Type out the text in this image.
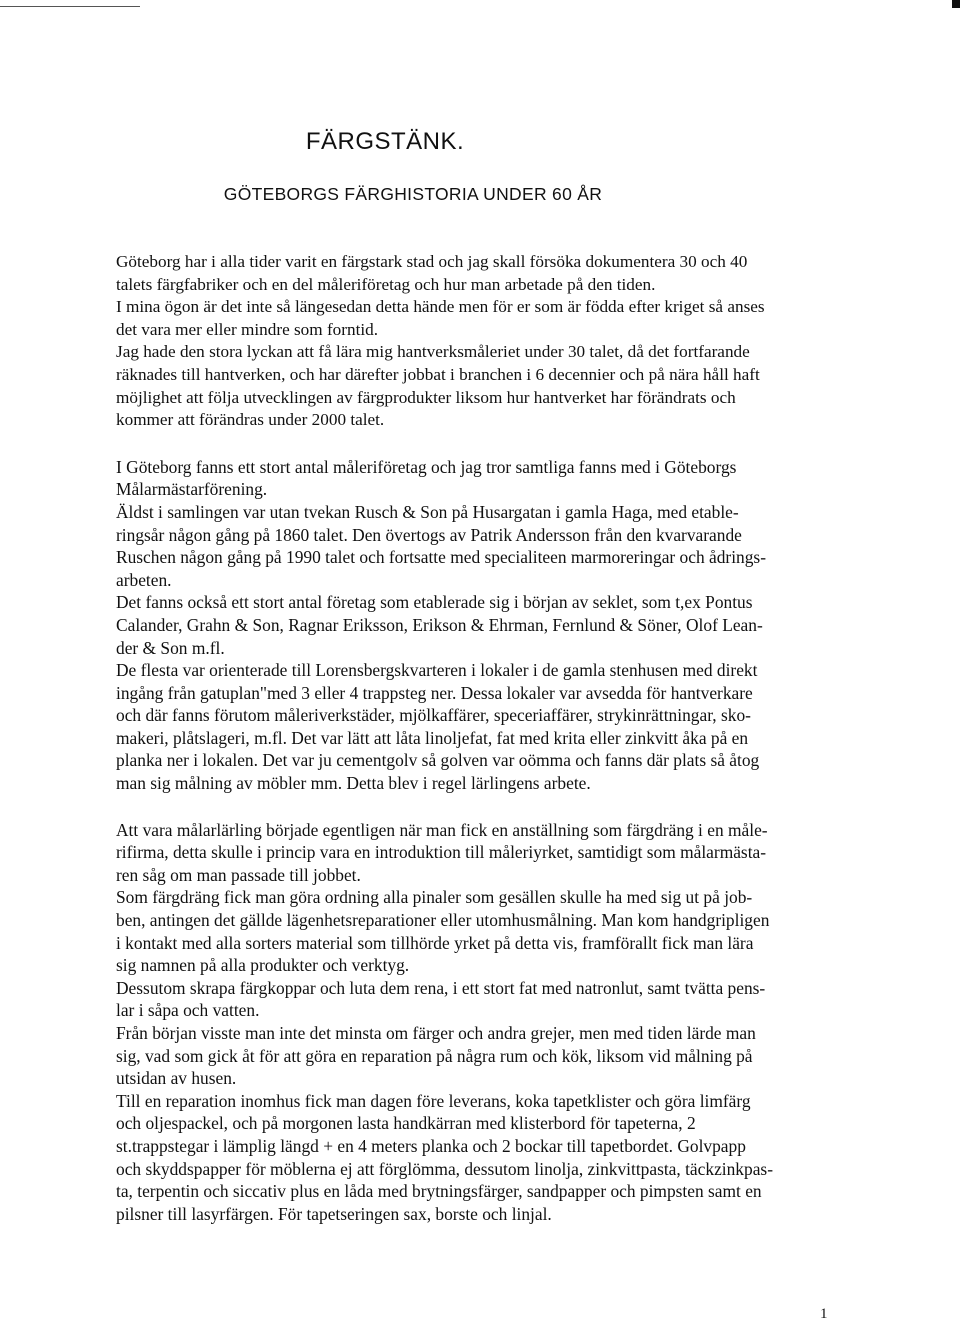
FÄRGSTÄNK.
GÖTEBORGS FÄRGHISTORIA UNDER 60 ÅR
Göteborg har i alla tider varit en färgstark stad och jag skall försöka dokumentera 30 och 40
talets färgfabriker och en del måleriföretag och hur man arbetade på den tiden.
I mina ögon är det inte så längesedan detta hände men för er som är födda efter kriget så anses
det vara mer eller mindre som forntid.
Jag hade den stora lyckan att få lära mig hantverksmåleriet under 30 talet, då det fortfarande
räknades till hantverken, och har därefter jobbat i branchen i 6 decennier och på nära håll haft
möjlighet att följa utvecklingen av färgprodukter liksom hur hantverket har förändrats och
kommer att förändras under 2000 talet.
I Göteborg fanns ett stort antal måleriföretag och jag tror samtliga fanns med i Göteborgs
Målarmästarförening.
Äldst i samlingen var utan tvekan Rusch & Son på Husargatan i gamla Haga, med etable-
ringsår någon gång på 1860 talet. Den övertogs av Patrik Andersson från den kvarvarande
Ruschen någon gång på 1990 talet och fortsatte med specialiteen marmoreringar och ådrings-
arbeten.
Det fanns också ett stort antal företag som etablerade sig i början av seklet, som t,ex Pontus
Calander, Grahn & Son, Ragnar Eriksson, Erikson & Ehrman, Fernlund & Söner, Olof Lean-
der & Son m.fl.
De flesta var orienterade till Lorensbergskvarteren i lokaler i de gamla stenhusen med direkt
ingång från gatuplan"med 3 eller 4 trappsteg ner. Dessa lokaler var avsedda för hantverkare
och där fanns förutom måleriverkstäder, mjölkaffärer, speceriaffärer, strykinrättningar, sko-
makeri, plåtslageri, m.fl. Det var lätt att låta linoljefat, fat med krita eller zinkvitt åka på en
planka ner i lokalen. Det var ju cementgolv så golven var oömma och fanns där plats så åtog
man sig målning av möbler mm. Detta blev i regel lärlingens arbete.
Att vara målarlärling började egentligen när man fick en anställning som färgdräng i en måle-
rifirma, detta skulle i princip vara en introduktion till måleriyrket, samtidigt som målarmästa-
ren såg om man passade till jobbet.
Som färgdräng fick man göra ordning alla pinaler som gesällen skulle ha med sig ut på job-
ben, antingen det gällde lägenhetsreparationer eller utomhusmålning. Man kom handgripligen
i kontakt med alla sorters material som tillhörde yrket på detta vis, framförallt fick man lära
sig namnen på alla produkter och verktyg.
Dessutom skrapa färgkoppar och luta dem rena, i ett stort fat med natronlut, samt tvätta pens-
lar i såpa och vatten.
Från början visste man inte det minsta om färger och andra grejer, men med tiden lärde man
sig, vad som gick åt för att göra en reparation på några rum och kök, liksom vid målning på
utsidan av husen.
Till en reparation inomhus fick man dagen före leverans, koka tapetklister och göra limfärg
och oljespackel, och på morgonen lasta handkärran med klisterbord för tapeterna, 2
st.trappstegar i lämplig längd + en 4 meters planka och 2 bockar till tapetbordet. Golvpapp
och skyddspapper för möblerna ej att förglömma, dessutom linolja, zinkvittpasta, täckzinkpas-
ta, terpentin och siccativ plus en låda med brytningsfärger, sandpapper och pimpsten samt en
pilsner till lasyrfärgen. För tapetseringen sax, borste och linjal.
1
